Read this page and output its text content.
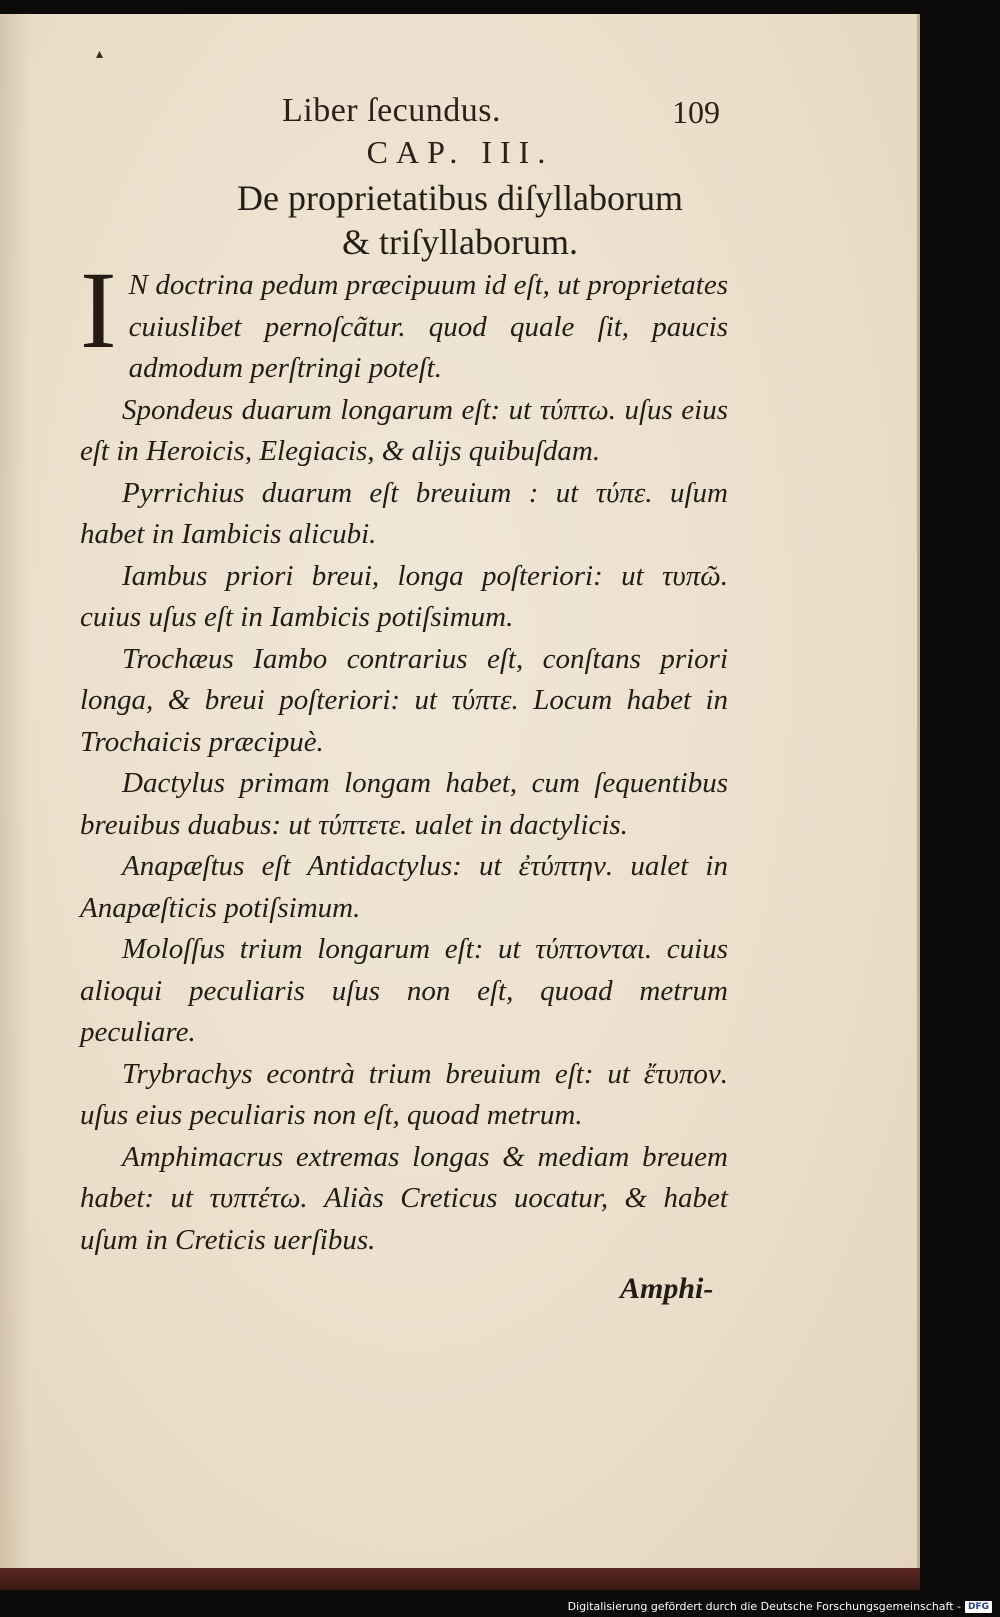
▴
Liber ſecundus.	109
CAP. III.
De proprietatibus diſyllaborum
& triſyllaborum.

I N doctrina pedum præcipuum id eſt, ut proprietates cuiuslibet pernoſcãtur. quod quale ſit, paucis admodum perſtringi poteſt.

Spondeus duarum longarum eſt: ut τύπτω. uſus eius eſt in Heroicis, Elegiacis, & alijs quibuſdam.

Pyrrichius duarum eſt breuium : ut τύπε. uſum habet in Iambicis alicubi.

Iambus priori breui, longa poſteriori: ut τυπῶ. cuius uſus eſt in Iambicis potiſsimum.

Trochæus Iambo contrarius eſt, conſtans priori longa, & breui poſteriori: ut τύπτε. Locum habet in Trochaicis præcipuè.

Dactylus primam longam habet, cum ſequentibus breuibus duabus: ut τύπτετε. ualet in dactylicis.

Anapæſtus eſt Antidactylus: ut ἐτύπτην. ualet in Anapæſticis potiſsimum.

Moloſſus trium longarum eſt: ut τύπτονται. cuius alioqui peculiaris uſus non eſt, quoad metrum peculiare.

Trybrachys econtrà trium breuium eſt: ut ἔτυπον. uſus eius peculiaris non eſt, quoad metrum.

Amphimacrus extremas longas & mediam breuem habet: ut τυπτέτω. Aliàs Creticus uocatur, & habet uſum in Creticis uerſibus.

Amphi-
Digitalisierung gefördert durch die Deutsche Forschungsgemeinschaft - DFG
